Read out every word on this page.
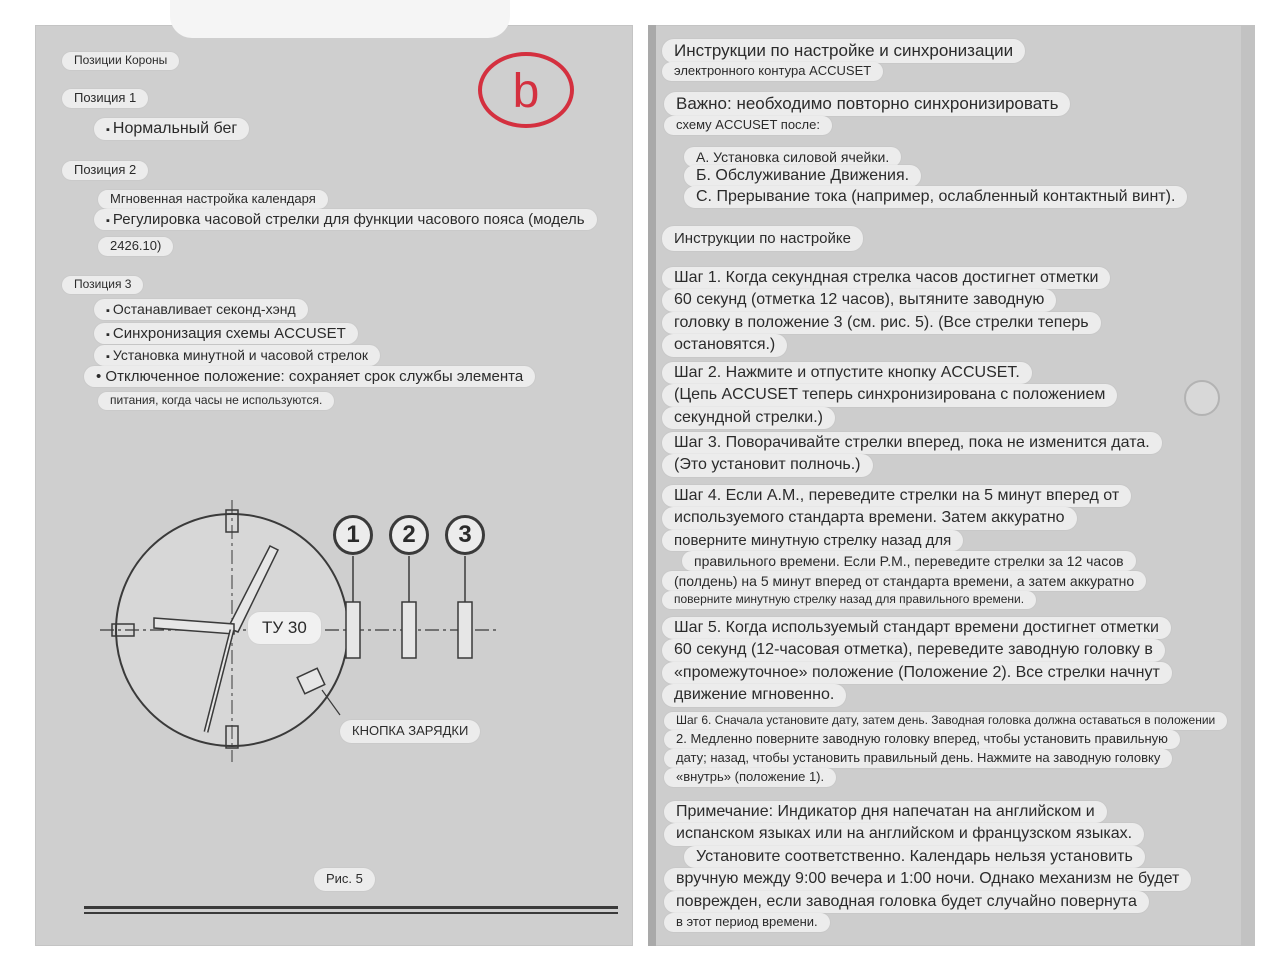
b
Позиции Короны
Позиция 1
▪ Нормальный бег
Позиция 2
Мгновенная настройка календаря
▪ Регулировка часовой стрелки для функции часового пояса (модель
2426.10)
Позиция 3
▪ Останавливает секонд-хэнд
▪ Синхронизация схемы ACCUSET
▪ Установка минутной и часовой стрелок
• Отключенное положение: сохраняет срок службы элемента
питания, когда часы не используются.
1	2	3
ТУ 30
КНОПКА ЗАРЯДКИ
Рис. 5
Инструкции по настройке и синхронизации
электронного контура ACCUSET
Важно: необходимо повторно синхронизировать
схему ACCUSET после:
А. Установка силовой ячейки.
Б. Обслуживание Движения.
С. Прерывание тока (например, ослабленный контактный винт).
Инструкции по настройке
Шаг 1. Когда секундная стрелка часов достигнет отметки
60 секунд (отметка 12 часов), вытяните заводную
головку в положение 3 (см. рис. 5). (Все стрелки теперь
остановятся.)
Шаг 2. Нажмите и отпустите кнопку ACCUSET.
(Цепь ACCUSET теперь синхронизирована с положением
секундной стрелки.)
Шаг 3. Поворачивайте стрелки вперед, пока не изменится дата.
(Это установит полночь.)
Шаг 4. Если А.М., переведите стрелки на 5 минут вперед от
используемого стандарта времени. Затем аккуратно
поверните минутную стрелку назад для
правильного времени. Если P.M., переведите стрелки за 12 часов
(полдень) на 5 минут вперед от стандарта времени, а затем аккуратно
поверните минутную стрелку назад для правильного времени.
Шаг 5. Когда используемый стандарт времени достигнет отметки
60 секунд (12-часовая отметка), переведите заводную головку в
«промежуточное» положение (Положение 2). Все стрелки начнут
движение мгновенно.
Шаг 6. Сначала установите дату, затем день. Заводная головка должна оставаться в положении
2. Медленно поверните заводную головку вперед, чтобы установить правильную
дату; назад, чтобы установить правильный день. Нажмите на заводную головку
«внутрь» (положение 1).
Примечание: Индикатор дня напечатан на английском и
испанском языках или на английском и французском языках.
Установите соответственно. Календарь нельзя установить
вручную между 9:00 вечера и 1:00 ночи. Однако механизм не будет
поврежден, если заводная головка будет случайно повернута
в этот период времени.
